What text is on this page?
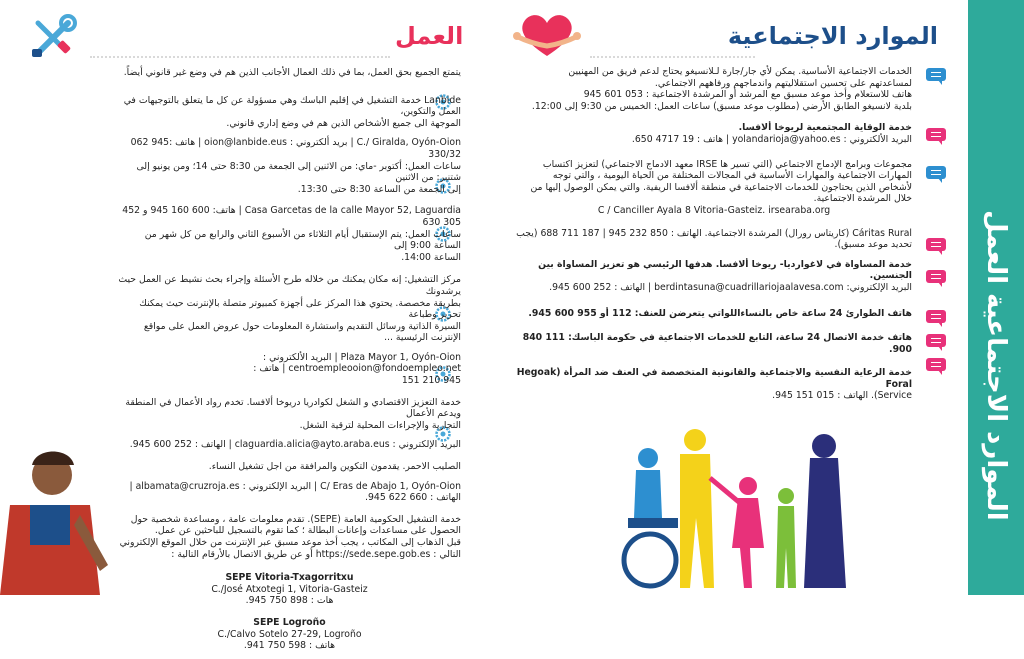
الموارد الاجتماعية العمل
الموارد الاجتماعية
العمل
الخدمات الاجتماعية الأساسية. يمكن لأي جار/جارة لـلانسيغو يحتاج لدعم فريق من المهنيين
لمساعدتهم على تحسين استقلاليتهم واندماجهم ورفاههم الاجتماعي.
هاتف للاستعلام وأخذ موعد مسبق مع المرشد أو المرشدة الاجتماعية : 053 601 945
بلدية لانسيغو الطابق الأرضي (مطلوب موعد مسبق) ساعات العمل: الخميس من 9:30 إلى 12:00.
خدمة الوقاية المجتمعية لريوخا ألافسا.
البريد الألكتروني : yolandarioja@yahoo.es | هاتف : 19 4717 650.
مجموعات وبرامج الإدماج الاجتماعي (التي تسير ها IRSE معهد الادماج الاجتماعي) لتعزيز اكتساب
المهارات الاجتماعية والمهارات الأساسية في المجالات المختلفة من الحياة اليومية ، والتي توجه
لأشخاص الذين يحتاجون للخدمات الاجتماعية في منطقة ألافسا الريفية. والتي يمكن الوصول إليها من
خلال المرشدة الاجتماعية.
C / Canciller Ayala 8 Vitoria-Gasteiz. irsearaba.org
Cáritas Rural (كاريتاس رورال) المرشدة الاجتماعية. الهاتف : 850 232 945 | 187 711 688 (يجب
تحديد موعد مسبق).
خدمة المساواة في لاغوارديا- ريوخا ألافسا. هدفها الرئيسي هو تعزيز المساواة بين الجنسين.
البريد الإلكتروني: berdintasuna@cuadrillariojaalavesa.com | الهاتف : 252 600 945.
هاتف الطوارئ 24 ساعة خاص بالنساءاللواتي يتعرضن للعنف: 112 أو 955 600 945.
هاتف خدمة الاتصال 24 ساعة، التابع للخدمات الاجتماعية في حكومة الباسك: 111 840 900.
خدمة الرعاية النفسية والاجتماعية والقانونية المتخصصة في العنف ضد المرأة (Hegoak Foral
Service). الهاتف : 015 151 945.
يتمتع الجميع بحق العمل، بما في ذلك العمال الأجانب الذين هم في وضع غير قانوني أيضاً.
Lanbide خدمة التشغيل في إقليم الباسك وهي مسؤولة عن كل ما يتعلق بالتوجيهات في العمل والتكوين،
الموجهة الى جميع الأشخاص الذين هم في وضع إداري قانوني.
C./ Giralda, Oyón-Oion | بريد ألكتروني : oion@lanbide.eus | هاتف :945 062 330/32
ساعات العمل: أكتوبر -ماي: من الاثنين إلى الجمعة من 8:30 حتى 14؛ ومن يونيو إلى شتنبر: من الاثنين
إلى الجمعة من الساعة 8:30 حتى 13:30.
Casa Garcetas de la calle Mayor 52, Laguardia | هاتف: 600 160 945 و 452 305 630
ساعات العمل: يتم الإستقبال أيام الثلاثاء من الأسبوع الثاني والرابع من كل شهر من الساعة 9:00 إلى
الساعة 14:00.
مركز التشغيل: إنه مكان يمكنك من خلاله طرح الأسئلة وإجراء بحث نشيط عن العمل حيث يرشدونك
بطريقة مخصصة. يحتوي هذا المركز على أجهزة كمبيوتر متصلة بالإنترنت حيث يمكنك تحرير وطباعة
السيرة الذاتية ورسائل التقديم واستشارة المعلومات حول عروض العمل على مواقع الإنترنت الرئيسية ...
Plaza Mayor 1, Oyón-Oion | البريد الألكتروني : centroempleooion@fondoempleo.net | هاتف :
945 210 151
خدمة التعزيز الاقتصادي و الشغل لكوادريا دريوخا ألافسا. تخدم رواد الأعمال في المنطقة ويدعم الأعمال
التجارية والإجراءات المحلية لترقية الشغل.
البريد الإلكتروني : claguardia.alicia@ayto.araba.eus | الهاتف : 252 600 945.
الصليب الاحمر. يقدمون التكوين والمرافقة من اجل تشغيل النساء.
C/ Eras de Abajo 1, Oyón-Oion | البريد الإلكتروني : albamata@cruzroja.es |
الهاتف : 660 622 945.
خدمة التشغيل الحكومية العامة (SEPE). تقدم معلومات عامة ، ومساعدة شخصية حول
الحصول على مساعدات وإعانات البطالة ؛ كما تقوم بالتسجيل للباحثين عن عمل.
قبل الذهاب إلى المكاتب ، يجب أخذ موعد مسبق عبر الإنترنت من خلال الموقع الإلكتروني
التالي : https://sede.sepe.gob.es أو عن طريق الاتصال بالأرقام التالية :
SEPE Vitoria-Txagorritxu
C./José Atxotegi 1, Vitoria-Gasteiz
هات : 898 750 945.
SEPE Logroño
C./Calvo Sotelo 27-29, Logroño
هاتف : 598 750 941.
